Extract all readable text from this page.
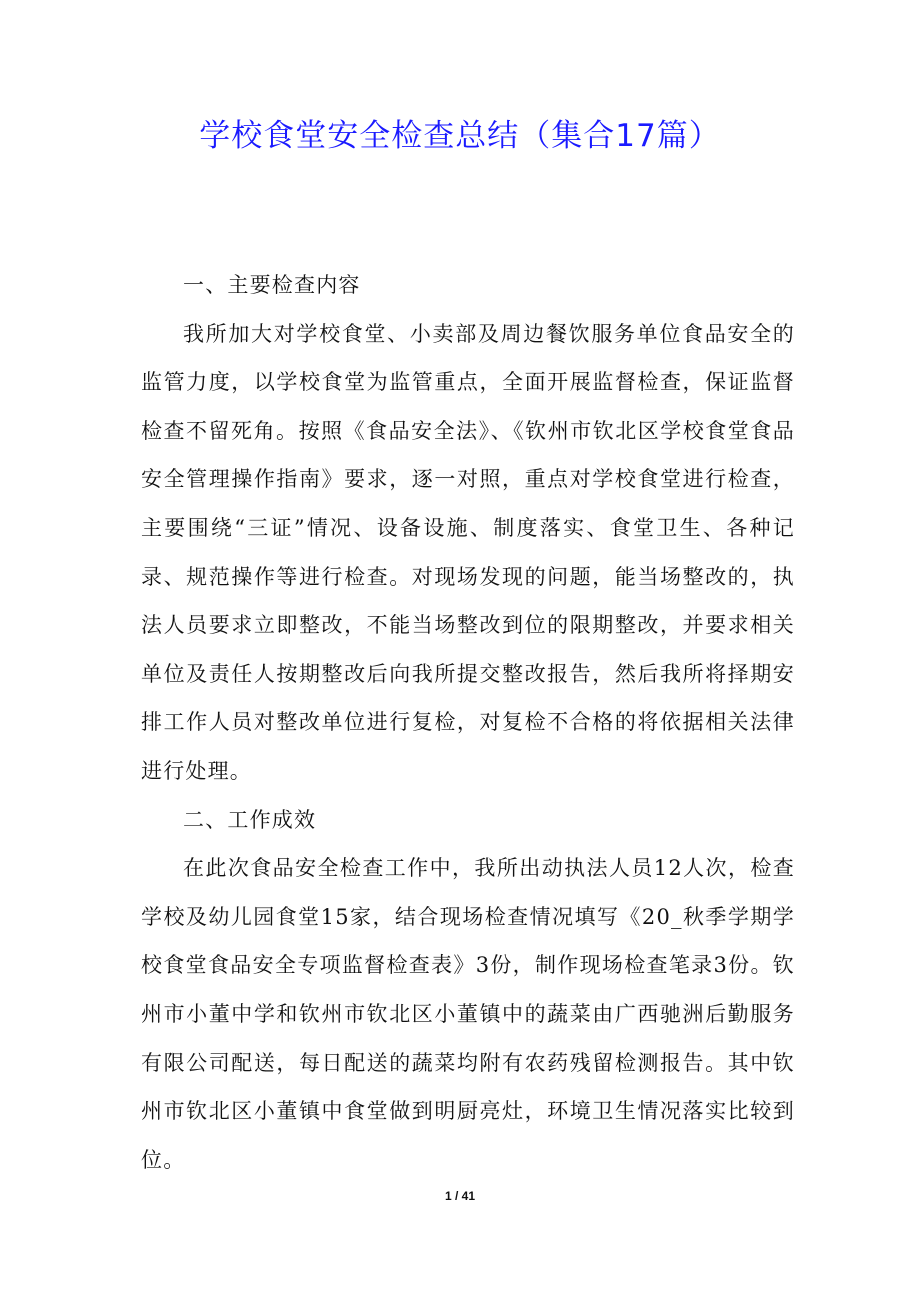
学校食堂安全检查总结（集合17篇）

一、主要检查内容

我所加大对学校食堂、小卖部及周边餐饮服务单位食品安全的监管力度，以学校食堂为监管重点，全面开展监督检查，保证监督检查不留死角。按照《食品安全法》、《钦州市钦北区学校食堂食品安全管理操作指南》要求，逐一对照，重点对学校食堂进行检查，主要围绕“三证”情况、设备设施、制度落实、食堂卫生、各种记录、规范操作等进行检查。对现场发现的问题，能当场整改的，执法人员要求立即整改，不能当场整改到位的限期整改，并要求相关单位及责任人按期整改后向我所提交整改报告，然后我所将择期安排工作人员对整改单位进行复检，对复检不合格的将依据相关法律进行处理。

二、工作成效

在此次食品安全检查工作中，我所出动执法人员12人次，检查学校及幼儿园食堂15家，结合现场检查情况填写《20_秋季学期学校食堂食品安全专项监督检查表》3份，制作现场检查笔录3份。钦州市小董中学和钦州市钦北区小董镇中的蔬菜由广西驰洲后勤服务有限公司配送，每日配送的蔬菜均附有农药残留检测报告。其中钦州市钦北区小董镇中食堂做到明厨亮灶，环境卫生情况落实比较到位。

1 / 41
